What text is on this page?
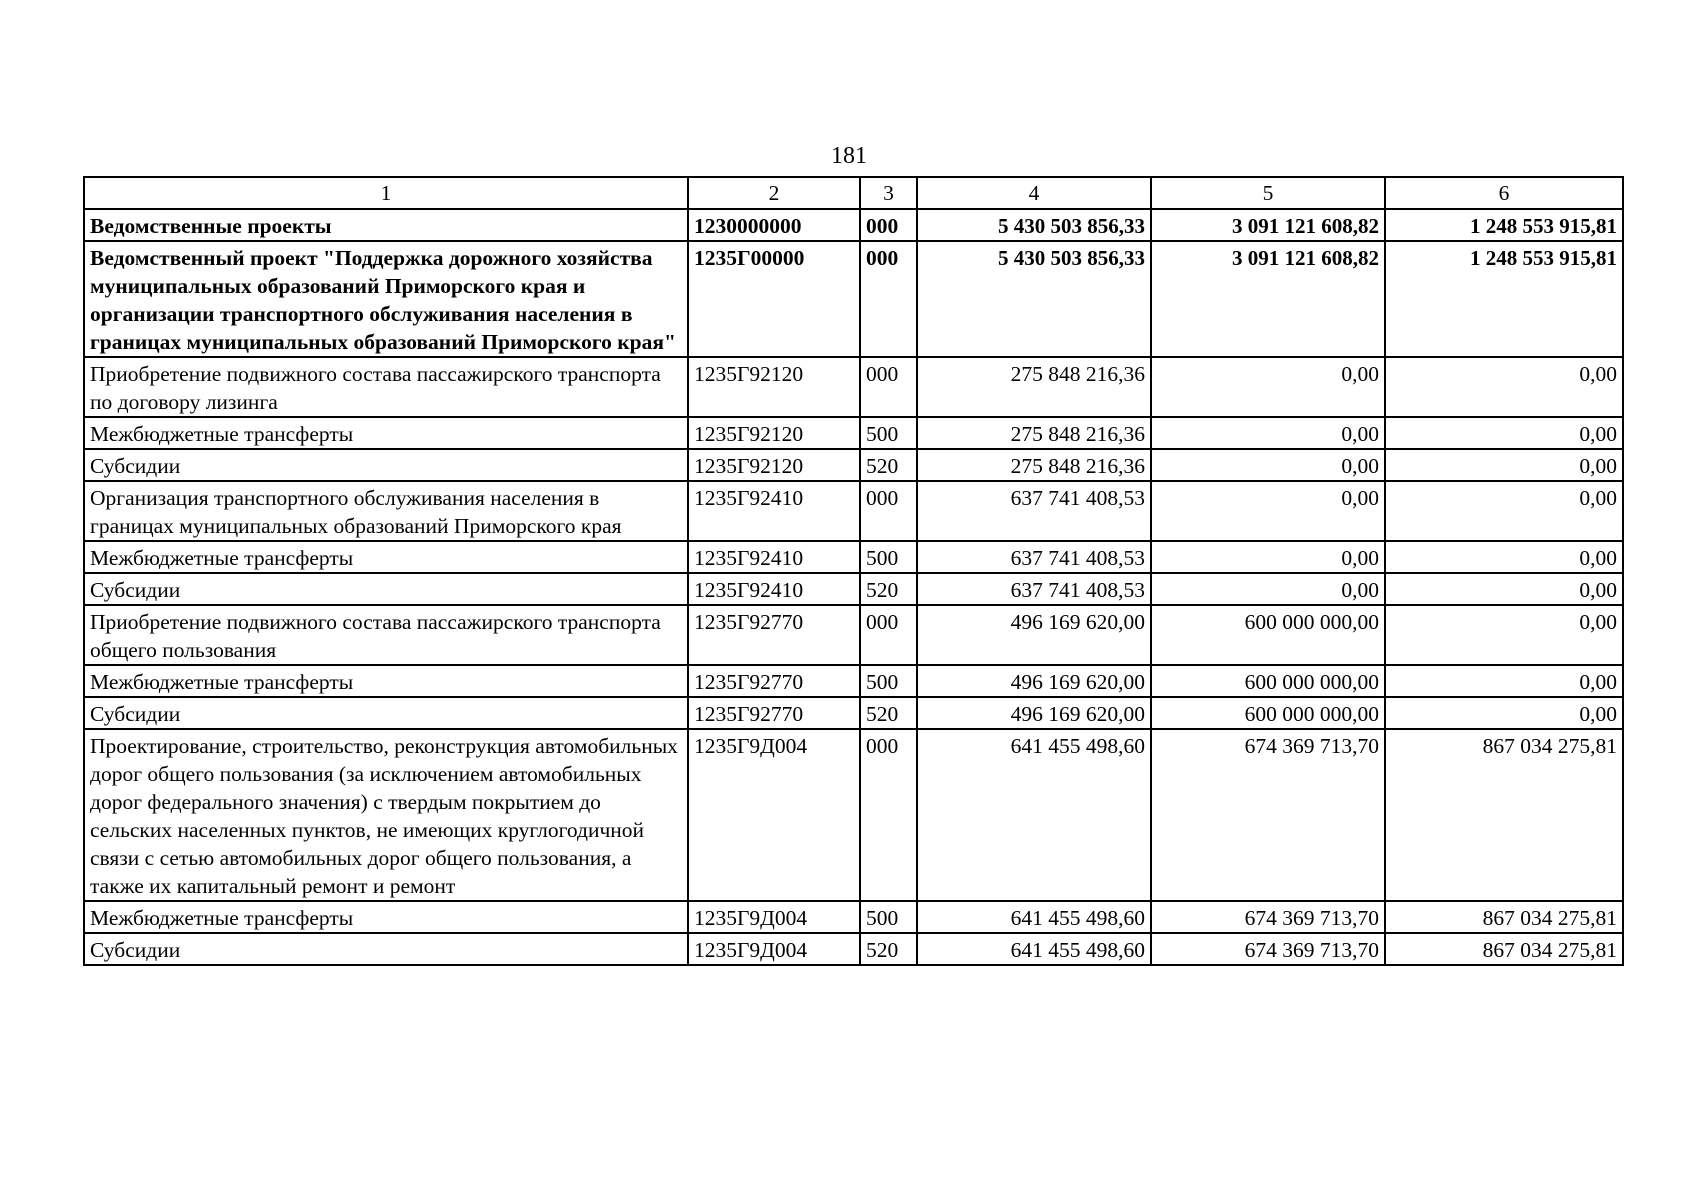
181
1	2	3	4	5	6
Ведомственные проекты	1230000000	000	5 430 503 856,33	3 091 121 608,82	1 248 553 915,81
Ведомственный проект "Поддержка дорожного хозяйства муниципальных образований Приморского края и организации транспортного обслуживания населения в границах муниципальных образований Приморского края"	1235Г00000	000	5 430 503 856,33	3 091 121 608,82	1 248 553 915,81
Приобретение подвижного состава пассажирского транспорта по договору лизинга	1235Г92120	000	275 848 216,36	0,00	0,00
Межбюджетные трансферты	1235Г92120	500	275 848 216,36	0,00	0,00
Субсидии	1235Г92120	520	275 848 216,36	0,00	0,00
Организация транспортного обслуживания населения в границах муниципальных образований Приморского края	1235Г92410	000	637 741 408,53	0,00	0,00
Межбюджетные трансферты	1235Г92410	500	637 741 408,53	0,00	0,00
Субсидии	1235Г92410	520	637 741 408,53	0,00	0,00
Приобретение подвижного состава пассажирского транспорта общего пользования	1235Г92770	000	496 169 620,00	600 000 000,00	0,00
Межбюджетные трансферты	1235Г92770	500	496 169 620,00	600 000 000,00	0,00
Субсидии	1235Г92770	520	496 169 620,00	600 000 000,00	0,00
Проектирование, строительство, реконструкция автомобильных дорог общего пользования (за исключением автомобильных дорог федерального значения) с твердым покрытием до сельских населенных пунктов, не имеющих круглогодичной связи с сетью автомобильных дорог общего пользования, а также их капитальный ремонт и ремонт	1235Г9Д004	000	641 455 498,60	674 369 713,70	867 034 275,81
Межбюджетные трансферты	1235Г9Д004	500	641 455 498,60	674 369 713,70	867 034 275,81
Субсидии	1235Г9Д004	520	641 455 498,60	674 369 713,70	867 034 275,81
